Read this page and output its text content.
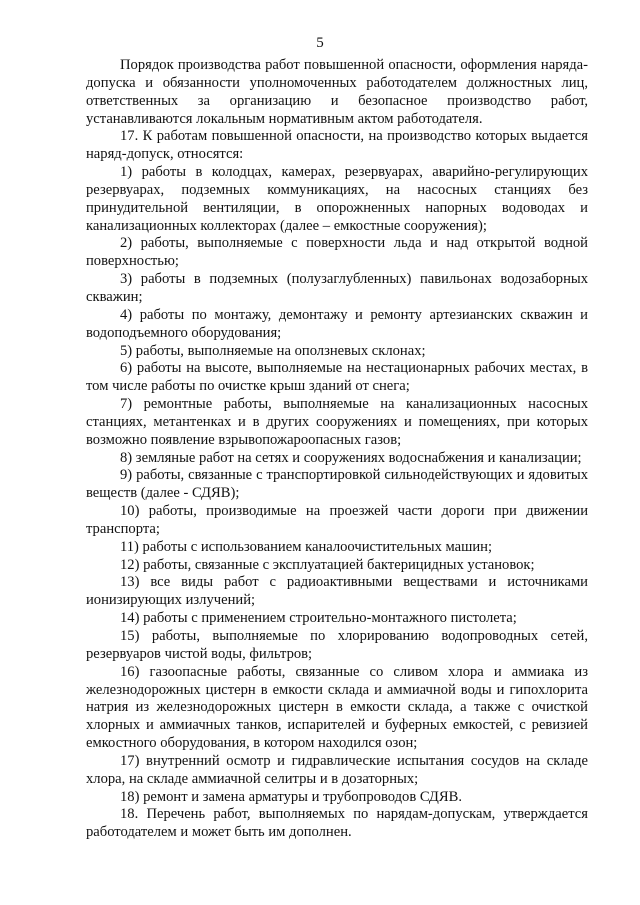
5

Порядок производства работ повышенной опасности, оформления наряда-допуска и обязанности уполномоченных работодателем должностных лиц, ответственных за организацию и безопасное производство работ, устанавливаются локальным нормативным актом работодателя.

17. К работам повышенной опасности, на производство которых выдается наряд-допуск, относятся:

1) работы в колодцах, камерах, резервуарах, аварийно-регулирующих резервуарах, подземных коммуникациях, на насосных станциях без принудительной вентиляции, в опорожненных напорных водоводах и канализационных коллекторах (далее – емкостные сооружения);

2) работы, выполняемые с поверхности льда и над открытой водной поверхностью;

3) работы в подземных (полузаглубленных) павильонах водозаборных скважин;

4) работы по монтажу, демонтажу и ремонту артезианских скважин и водоподъемного оборудования;

5) работы, выполняемые на оползневых склонах;

6) работы на высоте, выполняемые на нестационарных рабочих местах, в том числе работы по очистке крыш зданий от снега;

7) ремонтные работы, выполняемые на канализационных насосных станциях, метантенках и в других сооружениях и помещениях, при которых возможно появление взрывопожароопасных газов;

8) земляные работ на сетях и сооружениях водоснабжения и канализации;

9) работы, связанные с транспортировкой сильнодействующих и ядовитых веществ (далее - СДЯВ);

10) работы, производимые на проезжей части дороги при движении транспорта;

11) работы с использованием каналоочистительных машин;

12) работы, связанные с эксплуатацией бактерицидных установок;

13) все виды работ с радиоактивными веществами и источниками ионизирующих излучений;

14) работы с применением строительно-монтажного пистолета;

15) работы, выполняемые по хлорированию водопроводных сетей, резервуаров чистой воды, фильтров;

16) газоопасные работы, связанные со сливом хлора и аммиака из железнодорожных цистерн в емкости склада и аммиачной воды и гипохлорита натрия из железнодорожных цистерн в емкости склада, а также с очисткой хлорных и аммиачных танков, испарителей и буферных емкостей, с ревизией емкостного оборудования, в котором находился озон;

17) внутренний осмотр и гидравлические испытания сосудов на складе хлора, на складе аммиачной селитры и в дозаторных;

18) ремонт и замена арматуры и трубопроводов СДЯВ.

18. Перечень работ, выполняемых по нарядам-допускам, утверждается работодателем и может быть им дополнен.
